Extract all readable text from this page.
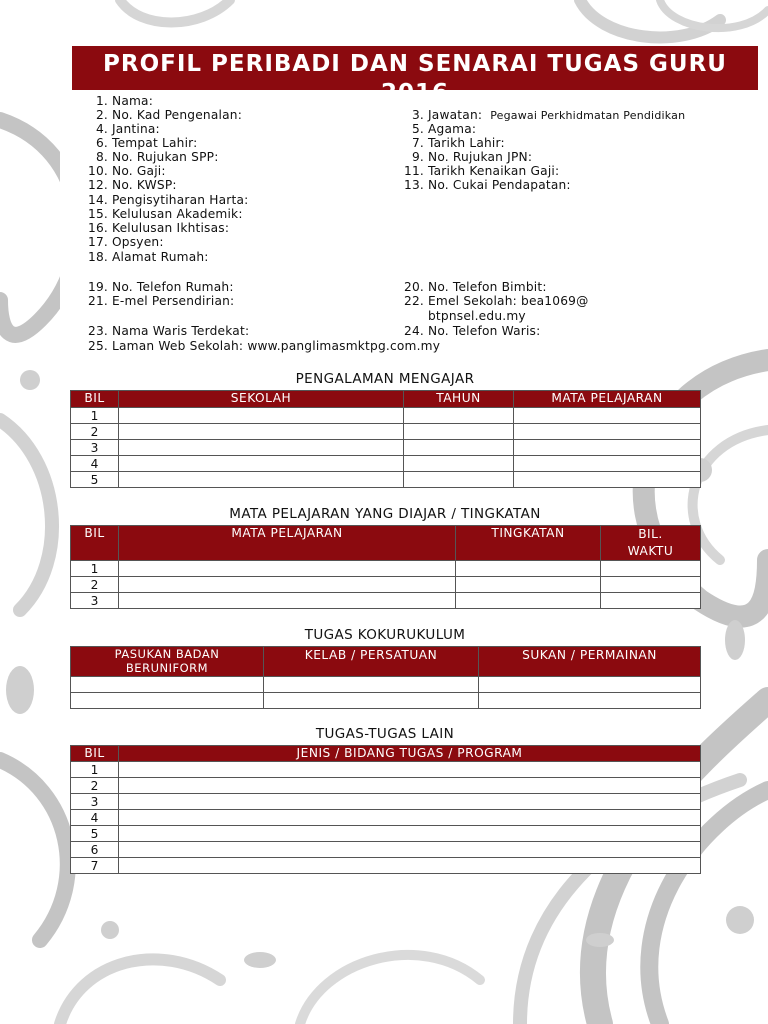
PROFIL PERIBADI DAN SENARAI TUGAS GURU
1. Nama:
2. No. Kad Pengenalan:
4. Jantina:
6. Tempat Lahir:
8. No. Rujukan SPP:
10. No. Gaji:
12. No. KWSP:
14. Pengisytiharan Harta:
15. Kelulusan Akademik:
16. Kelulusan Ikhtisas:
17. Opsyen:
18. Alamat Rumah:
19. No. Telefon Rumah:
21. E-mel Persendirian:
23. Nama Waris Terdekat:
25. Laman Web Sekolah: www.panglimasmktpg.com.my
3. Jawatan: Pegawai Perkhidmatan Pendidikan
5. Agama:
7. Tarikh Lahir:
9. No. Rujukan JPN:
11. Tarikh Kenaikan Gaji:
13. No. Cukai Pendapatan:
20. No. Telefon Bimbit:
22. Emel Sekolah: bea1069@
btpnsel.edu.my
24. No. Telefon Waris:
PENGALAMAN MENGAJAR
BIL	SEKOLAH	TAHUN	MATA PELAJARAN
1			
2			
3			
4			
5			
MATA PELAJARAN YANG DIAJAR / TINGKATAN
BIL	MATA PELAJARAN	TINGKATAN	BIL.
WAKTU
1			
2			
3			
TUGAS KOKURUKULUM
PASUKAN BADAN
BERUNIFORM	KELAB / PERSATUAN	SUKAN / PERMAINAN

TUGAS-TUGAS LAIN
BIL	JENIS / BIDANG TUGAS / PROGRAM
1	
2	
3	
4	
5	
6	
7	
